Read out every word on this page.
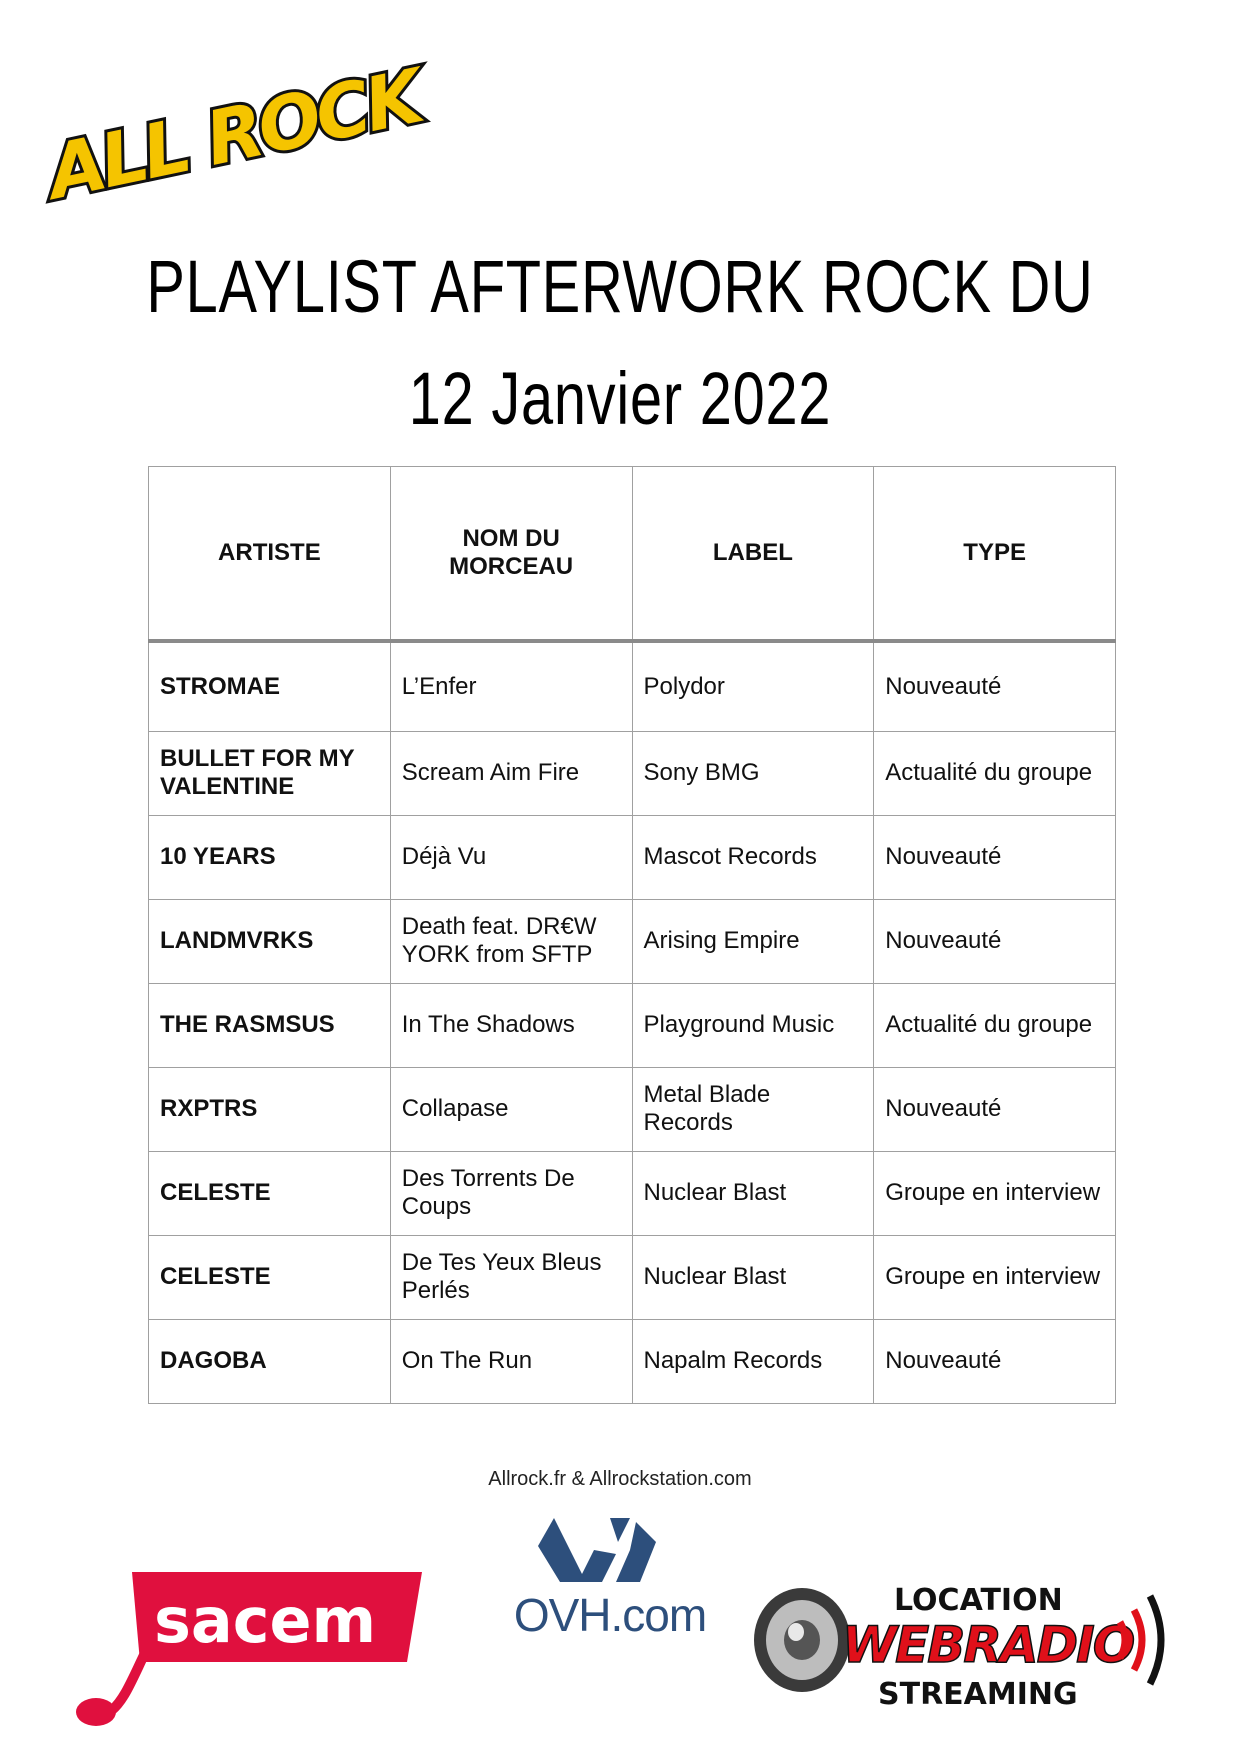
ALL ROCK
PLAYLIST AFTERWORK ROCK DU
12 Janvier 2022
ARTISTE	NOM DU MORCEAU	LABEL	TYPE
STROMAE	L’Enfer	Polydor	Nouveauté
BULLET FOR MY VALENTINE	Scream Aim Fire	Sony BMG	Actualité du groupe
10 YEARS	Déjà Vu	Mascot Records	Nouveauté
LANDMVRKS	Death feat. DR€W YORK from SFTP	Arising Empire	Nouveauté
THE RASMSUS	In The Shadows	Playground Music	Actualité du groupe
RXPTRS	Collapase	Metal Blade Records	Nouveauté
CELESTE	Des Torrents De Coups	Nuclear Blast	Groupe en interview
CELESTE	De Tes Yeux Bleus Perlés	Nuclear Blast	Groupe en interview
DAGOBA	On The Run	Napalm Records	Nouveauté
Allrock.fr & Allrockstation.com
sacem	OVH.com	LOCATION
WEBRADIO
STREAMING
